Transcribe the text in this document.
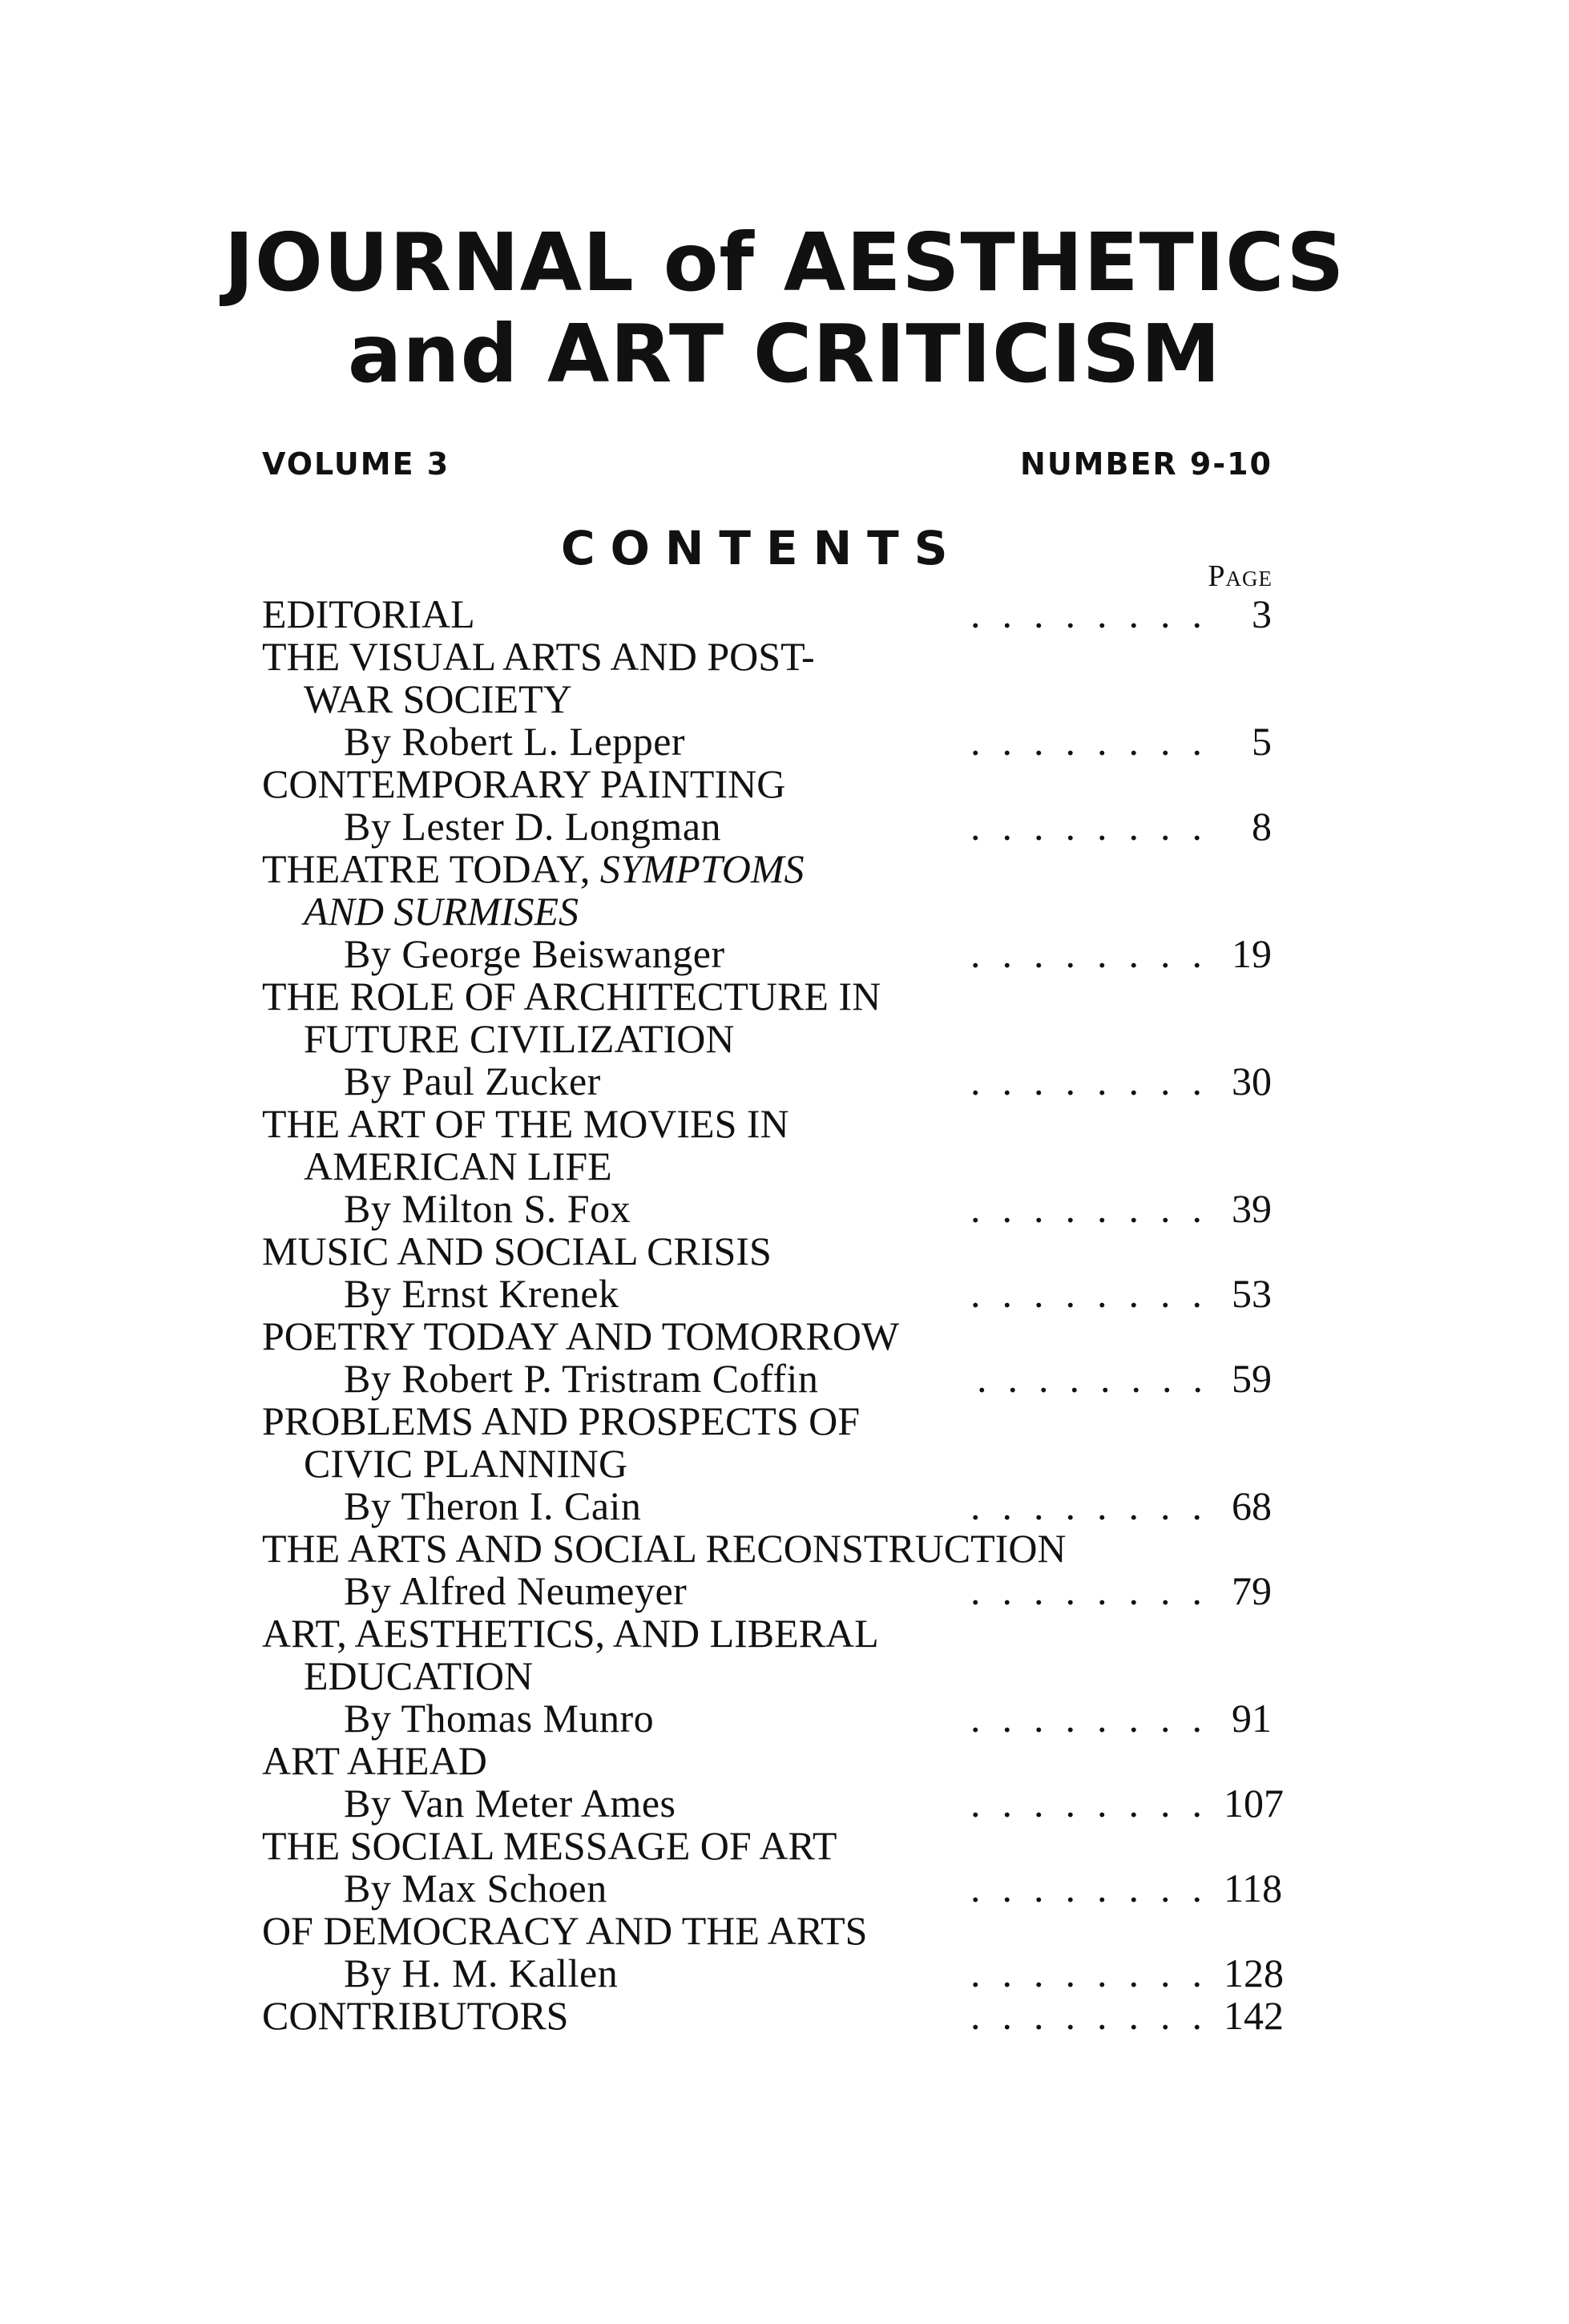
JOURNAL of AESTHETICS
and ART CRITICISM
VOLUME 3	NUMBER 9-10
CONTENTS
Page
EDITORIAL	........ 3
THE VISUAL ARTS AND POST-
WAR SOCIETY
By Robert L. Lepper	........ 5
CONTEMPORARY PAINTING
By Lester D. Longman	........ 8
THEATRE TODAY, SYMPTOMS
AND SURMISES
By George Beiswanger	........ 19
THE ROLE OF ARCHITECTURE IN
FUTURE CIVILIZATION
By Paul Zucker	........ 30
THE ART OF THE MOVIES IN
AMERICAN LIFE
By Milton S. Fox	........ 39
MUSIC AND SOCIAL CRISIS
By Ernst Krenek	........ 53
POETRY TODAY AND TOMORROW
By Robert P. Tristram Coffin	........ 59
PROBLEMS AND PROSPECTS OF
CIVIC PLANNING
By Theron I. Cain	........ 68
THE ARTS AND SOCIAL RECONSTRUCTION
By Alfred Neumeyer	........ 79
ART, AESTHETICS, AND LIBERAL
EDUCATION
By Thomas Munro	........ 91
ART AHEAD
By Van Meter Ames	........ 107
THE SOCIAL MESSAGE OF ART
By Max Schoen	........ 118
OF DEMOCRACY AND THE ARTS
By H. M. Kallen	........ 128
CONTRIBUTORS	........ 142
